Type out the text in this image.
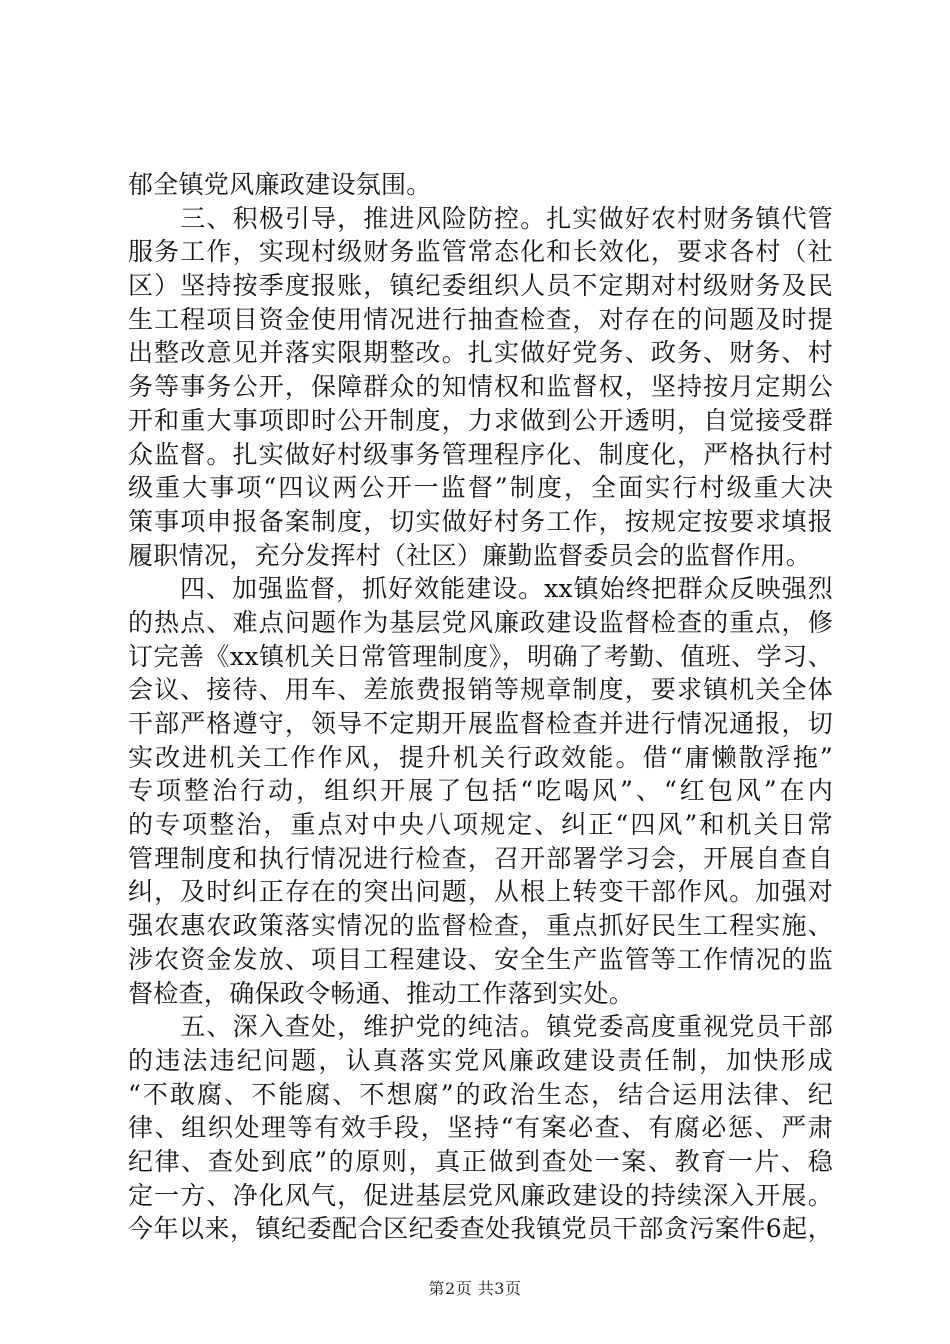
郁全镇党风廉政建设氛围。
　　三、积极引导，推进风险防控。扎实做好农村财务镇代管
服务工作，实现村级财务监管常态化和长效化，要求各村（社
区）坚持按季度报账，镇纪委组织人员不定期对村级财务及民
生工程项目资金使用情况进行抽查检查，对存在的问题及时提
出整改意见并落实限期整改。扎实做好党务、政务、财务、村
务等事务公开，保障群众的知情权和监督权，坚持按月定期公
开和重大事项即时公开制度，力求做到公开透明，自觉接受群
众监督。扎实做好村级事务管理程序化、制度化，严格执行村
级重大事项“四议两公开一监督”制度，全面实行村级重大决
策事项申报备案制度，切实做好村务工作，按规定按要求填报
履职情况，充分发挥村（社区）廉勤监督委员会的监督作用。
　　四、加强监督，抓好效能建设。xx镇始终把群众反映强烈
的热点、难点问题作为基层党风廉政建设监督检查的重点，修
订完善《xx镇机关日常管理制度》，明确了考勤、值班、学习、
会议、接待、用车、差旅费报销等规章制度，要求镇机关全体
干部严格遵守，领导不定期开展监督检查并进行情况通报，切
实改进机关工作作风，提升机关行政效能。借“庸懒散浮拖”
专项整治行动，组织开展了包括“吃喝风”、“红包风”在内
的专项整治，重点对中央八项规定、纠正“四风”和机关日常
管理制度和执行情况进行检查，召开部署学习会，开展自查自
纠，及时纠正存在的突出问题，从根上转变干部作风。加强对
强农惠农政策落实情况的监督检查，重点抓好民生工程实施、
涉农资金发放、项目工程建设、安全生产监管等工作情况的监
督检查，确保政令畅通、推动工作落到实处。
　　五、深入查处，维护党的纯洁。镇党委高度重视党员干部
的违法违纪问题，认真落实党风廉政建设责任制，加快形成
“不敢腐、不能腐、不想腐”的政治生态，结合运用法律、纪
律、组织处理等有效手段，坚持“有案必查、有腐必惩、严肃
纪律、查处到底”的原则，真正做到查处一案、教育一片、稳
定一方、净化风气，促进基层党风廉政建设的持续深入开展。
今年以来，镇纪委配合区纪委查处我镇党员干部贪污案件6起，
第2页 共3页
